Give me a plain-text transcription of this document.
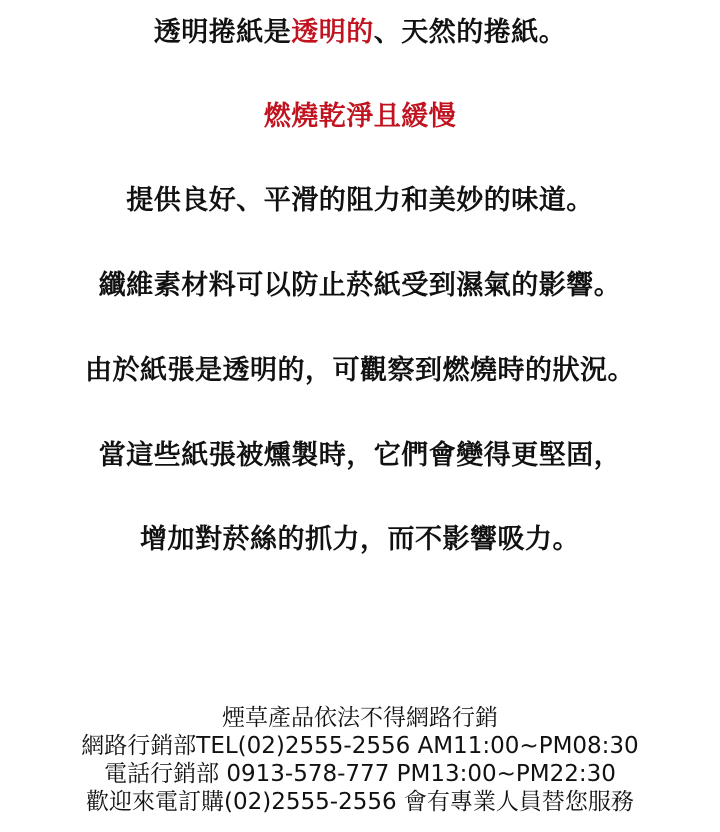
透明捲紙是透明的、天然的捲紙。
燃燒乾淨且緩慢
提供良好、平滑的阻力和美妙的味道。
纖維素材料可以防止菸紙受到濕氣的影響。
由於紙張是透明的，可觀察到燃燒時的狀況。
當這些紙張被燻製時，它們會變得更堅固，
增加對菸絲的抓力，而不影響吸力。
煙草產品依法不得網路行銷
網路行銷部TEL(02)2555-2556 AM11:00~PM08:30
電話行銷部 0913-578-777 PM13:00~PM22:30
歡迎來電訂購(02)2555-2556 會有專業人員替您服務
